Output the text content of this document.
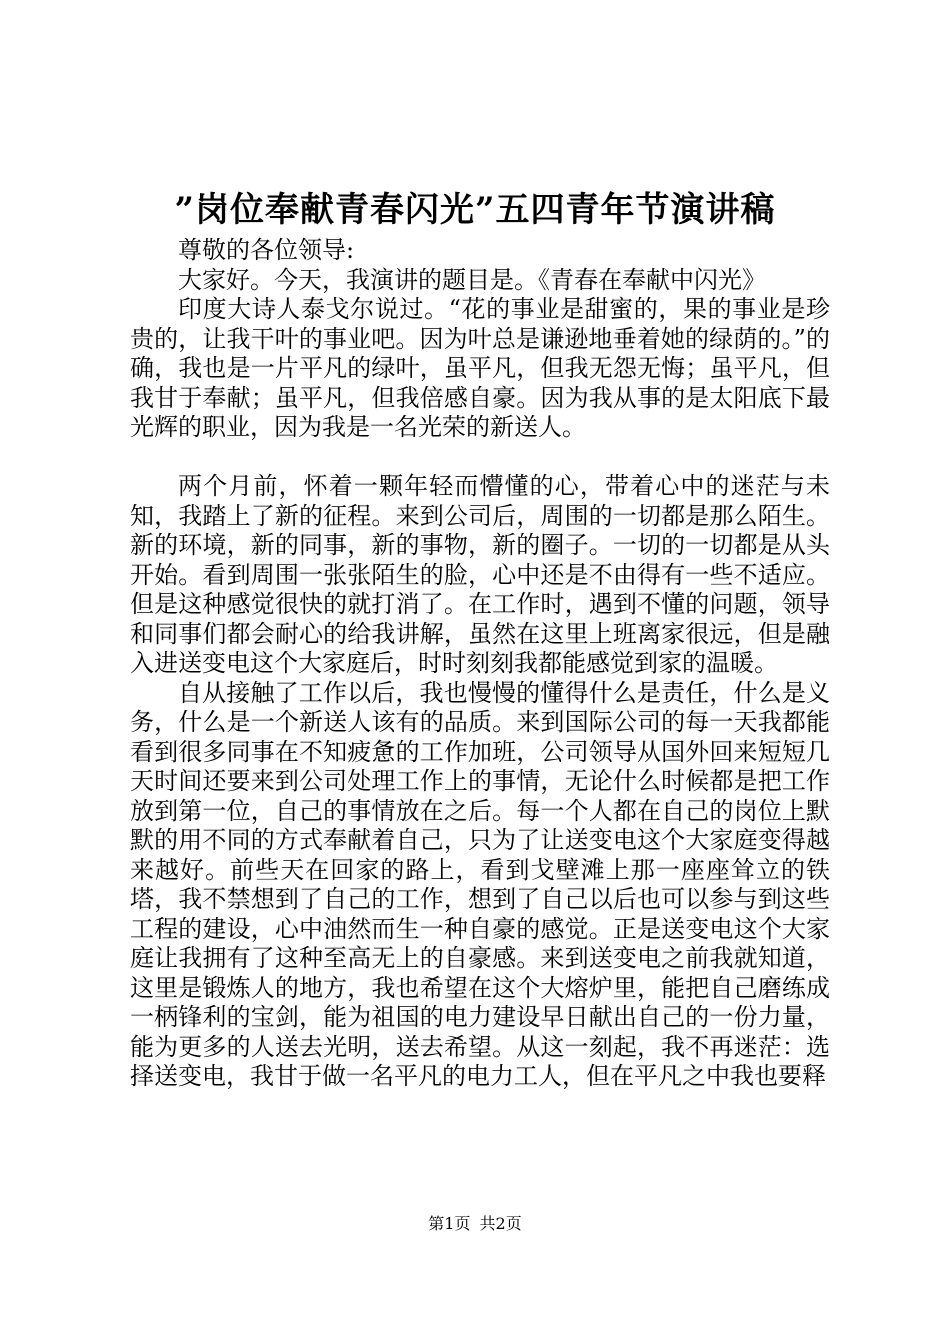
”岗位奉献青春闪光”五四青年节演讲稿

尊敬的各位领导:

大家好。今天，我演讲的题目是。《青春在奉献中闪光》

印度大诗人泰戈尔说过。“花的事业是甜蜜的，果的事业是珍贵的，让我干叶的事业吧。因为叶总是谦逊地垂着她的绿荫的。”的确，我也是一片平凡的绿叶，虽平凡，但我无怨无悔；虽平凡，但我甘于奉献；虽平凡，但我倍感自豪。因为我从事的是太阳底下最光辉的职业，因为我是一名光荣的新送人。

两个月前，怀着一颗年轻而懵懂的心，带着心中的迷茫与未知，我踏上了新的征程。来到公司后，周围的一切都是那么陌生。新的环境，新的同事，新的事物，新的圈子。一切的一切都是从头开始。看到周围一张张陌生的脸，心中还是不由得有一些不适应。但是这种感觉很快的就打消了。在工作时，遇到不懂的问题，领导和同事们都会耐心的给我讲解，虽然在这里上班离家很远，但是融入进送变电这个大家庭后，时时刻刻我都能感觉到家的温暖。

自从接触了工作以后，我也慢慢的懂得什么是责任，什么是义务，什么是一个新送人该有的品质。来到国际公司的每一天我都能看到很多同事在不知疲惫的工作加班，公司领导从国外回来短短几天时间还要来到公司处理工作上的事情，无论什么时候都是把工作放到第一位，自己的事情放在之后。每一个人都在自己的岗位上默默的用不同的方式奉献着自己，只为了让送变电这个大家庭变得越来越好。前些天在回家的路上，看到戈壁滩上那一座座耸立的铁塔，我不禁想到了自己的工作，想到了自己以后也可以参与到这些工程的建设，心中油然而生一种自豪的感觉。正是送变电这个大家庭让我拥有了这种至高无上的自豪感。来到送变电之前我就知道，这里是锻炼人的地方，我也希望在这个大熔炉里，能把自己磨练成一柄锋利的宝剑，能为祖国的电力建设早日献出自己的一份力量，能为更多的人送去光明，送去希望。从这一刻起，我不再迷茫：选择送变电，我甘于做一名平凡的电力工人，但在平凡之中我也要释

第1页 共2页
